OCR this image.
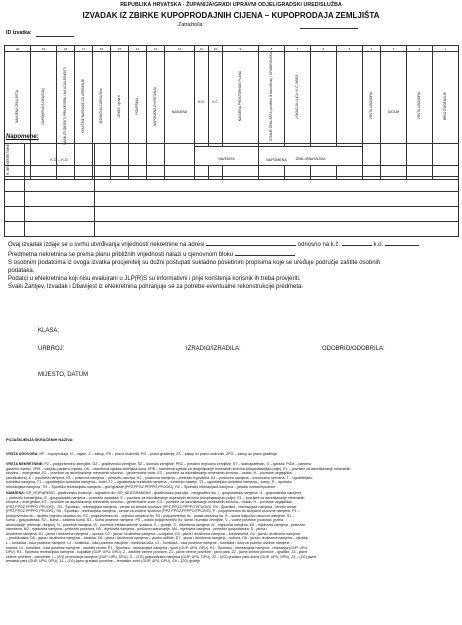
REPUBLIKA HRVATSKA - ŽUPANIJA/GRAD/ UPRAVNI ODJEL/GRADSKI URED/SLUŽBA
IZVADAK IZ ZBIRKE KUPOPRODAJNIH CIJENA – KUPOPRODAJA ZEMLJIŠTA
Zatražio/la:
ID izvatka:
20	19	18	17	16	15	14	13	12	11	10	9	8	7	6	5	4	3	2	1
NAMJENA ZEMLJIŠTA	NAPOMENA (LOKACIJA)	NAJBLIŽI OBJEKTI PRIMJERENI / NA UDALJENOSTI	KOLIČINE NAKNADE ZA UREĐENJE	JEDINIČNA CIJENA €/m²	IZNOS, cijena €	POVRŠINA	NAPOMENA O KRETANJU	NAMJENA	K.O.	K.Č.	NAMJENA PROSTORNOG PLANA	STANJE ZEMLJIŠTA (uređeno ili neuređeno) / GRAĐEVINSKA	LOKACIJA ULICA I K.Č. BROJ			VRSTA UGOVORA	DATUM	VRSTA UGOVORA	BROJ EVIDENCIJE
									NAVEDENI			ZEMLJIŠNA KNJIGA							

Napomene:
R. BR. NEKRETNINE	K.Č. – K.O.	NAPOMENA

Ovaj izvadak izdaje se u svrhu utvrđivanja vrijednosti nekretnine na adresi	odnosno na k.č.	k.o.
Predmetna nekretnina se prema planu približnih vrijednosti nalazi u cjenovnom bloku
S osobnim podatcima iz ovoga izvatka procjenitelj su dužni postupati sukladno posebnim propisima koje se uređuje područje zaštite osobnih
podataka.
Podatci u eNekretnina koji nisu evaluirani u JLP(R)S su informativni i prije korištenja korisnik ih treba provjeriti.
Svaki Zahtjev, Izvadak i Dbavijest iz eNekretnina pohranjuje se za potrebe eventualne rekonstrukcije predmeta.
KLASA:
URBROJ:	IZRADIO/IZRADILA:	ODOBRIO/ODOBRILA:
MIJESTO, DATUM
POJAŠNJENJA SKRAĆENIH NAZIVA:
VRSTA UGOVORA: KP – kupoprodaja, N – najam, Z – zakup, PS – pravo služnosti, PG – pravo građenja, ZS – zakup uz pravo služnosti, ZPG – zakup uz pravo građenja
VRSTA NEKRETNINE: PZ – poljoprivredno zemljište, GZ – građevinsko zemljište, ŠZ – šumsko zemljište, PRZ – prirodno neplodno zemljište, ST – stan/apartman, G – garaža, PGM – parkirno
garažno mjesto, VPM – vanjsko parkirno mjesto, OK – stambena zgrada-obiteljska kuća, KPB – stambena zgrada za iznajmljivanje mineralnih sirovina (eksploatacijsko polje), E1 – površine za iskorištavanje mineralnih
sirovina – energetske, E2 – površine za iskorištavanje mineralnih sirovina – geotermalne vode, E3 – površine za iskorištavanje mineralnih sirovina – ostalo, H – površine uzgajališta
(akvakultura), K – poslovna namjena, K1 – poslovna namjena – pretežito uslužna, K2 – poslovna namjena – pretežito trgovačka, K3 – poslovna namjena – komunalno servisna, T – ugostiteljsko
turistička namjena, T1 – ugostiteljsko turistička namjena – hotel, T2 – ugostiteljsko turistička namjena – turističko naselje, T3 – ugostiteljsko turistička namjena – kamp, R – športsko
rekreacijska namjena , R1 – Športsko rekreacijska namjena – golf igralište (PPŽ,PPGZ,PPPPO,PPUO/G), R2 – Športsko rekreacijska namjena – jahački centar/hipodrom
NAMJENA: GP_IZGRAĐENO - građevinsko područje - izgrađeni dio, GP_NEIZGRAĐENO - građevinsko područje - neizgrađeni dio, I - gospodarska namjena, I1 - gospodarska namjena
– pretežito industrijska, I2 - gospodarska namjena – pretežito zanatska, E – površine za iskorištavanje mineralnih sirovina (eksploatacijsko polje), E1 – površine za iskorištavanje mineralnih
sirovina – energetske, E2 – površine za iskorištavanje mineralnih sirovina – geotermalne vode, E3 – površine za iskorištavanje mineralnih sirovina – ostalo, H – površine uzgajališta
(PPŽ,PPGZ,PPPPO,PPUO/G) , R3 - Športsko - rekreacijska namjena - centar za zimske športove (PPŽ,PPGZ,PPPPO,PPUO/G), R4 - Športsko - rekreacijska namjena - teniski centar
(PPŽ,PPGZ,PPPPO,PPUO/G), R5 - Športsko - rekreacijska namjena - centar za vodene športove (PPŽ,PPGZ,PPPPO,PPUO/G), P - poljoprivredno tlo isključivo osnovne namjene, P1 –
poljoprivredno tlo - osobito vrijedno obradivo tlo, P2 - poljoprivredno tlo - vrijedno obradivo tlo, P3 - poljoprivredno tlo - ostala obradiva tla, Š – šuma isključivo osnovne namjene, Š1 –
šuma – gospodarska, Š2 – šuma – zaštitna šuma, Š3 – šuma posebne namjene, PŠ – ostalo poljoprivredno tlo, šume i šumsko zemljište, V – vodne površine (vodotoci, jezera,
akumulacije, retencije, ribnjaci), N - posebna namjena, IS - površine infrastrukturnih sustava, G – groblje, S - stambena namjena, M - mješovita namjena, M1 - mješovita namjena - pretežito
stambena, M2 - mješovita namjena - pretežito poslovna, N5 - mješovita namjena - poslovno stanovanje, M4 - mješovita namjena - pretežito gospodarska, D - javna i
društvena namjena, D1 - javna i društvena namjena – uprava, D2 - javna i društvena namjena – socijalna, D3 - javna i društvena namjena – zdravstvena, D4 - javna i društvena namjena
– predškolska, D5 - javna i društvena namjena – školska, D6 - javna i društvena namjena – visoko učilište, D7 - javna i društvena namjena – kultura, D8 - javna i društvena namjena – vjerska,
L – turistička - luka posebne namjene, L1 - turistička - luka posebne namjene - turistička luka, L3 - Turistička - luka posebne namjene - turistička - luka za potrebe osobne namjene –
marina, L4 - turistička - luka posebne namjene - nautički centar, R1 - Športsko - rekreacijska namjena - sport (GUP, UPU, DPU), R2 - Športsko - rekreacijska namjena - rekreacija (GUP, UPU,
DPU), R3 - Športsko rekreacijska namjena - kupalište (GUP, UPU, DPU), Z - zaštitne zelene površine, Z1 - javne zelene površine - javni park, Z2 - javne zelene površine - igralište, Z3 - javne
zelene površine - odmorište, i – (ZG) prozvodnja namjene (GUP, UPU, DPU), G – (ZG) gospodarska namjena (GUP, UPU, DPU), Z2 – (ZG) gradske park-šume (GUP, UPU, DPU), Z3 – (ZG) javne
tematski park (GUP, UPU, DPU), Z4 – (ZG) javno gradsko površine – tematske zone (GUP, UPU, DPU), G9 – (ZG) groblje
